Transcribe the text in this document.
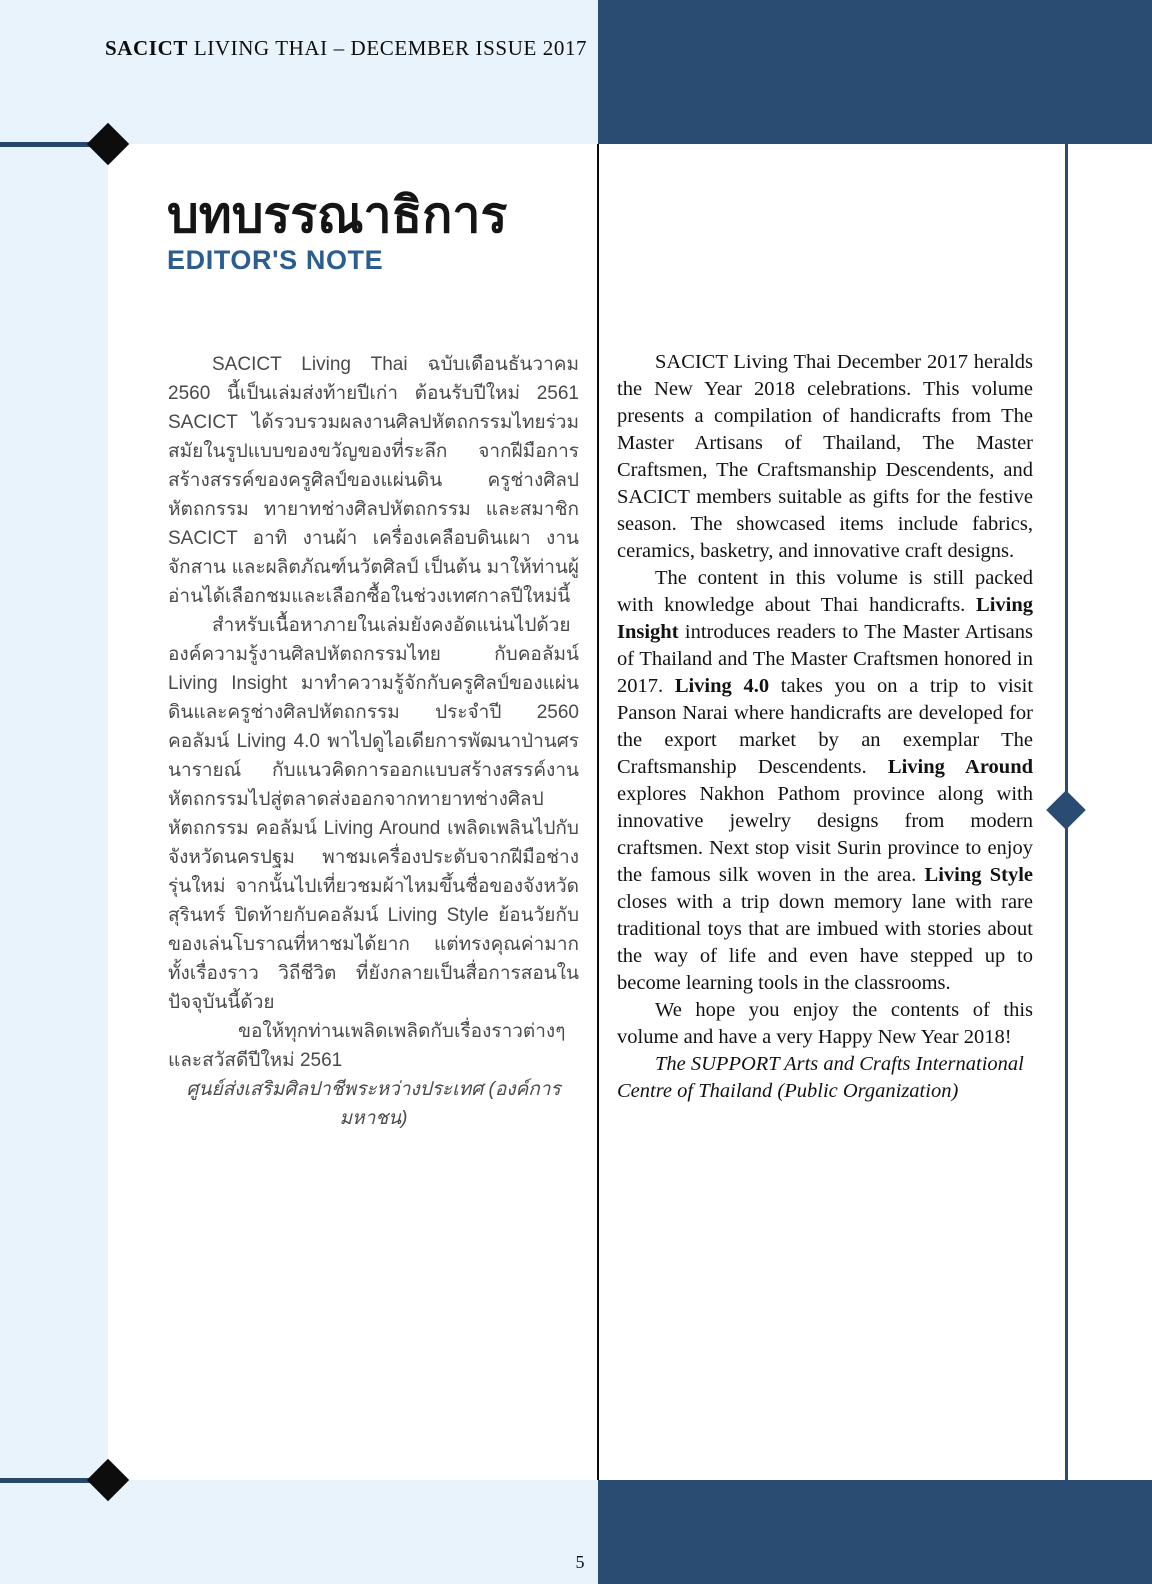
SACICT LIVING THAI – DECEMBER ISSUE 2017
บทบรรณาธิการ
EDITOR'S NOTE

SACICT Living Thai ฉบับเดือนธันวาคม 2560 นี้เป็นเล่มส่งท้ายปีเก่า ต้อนรับปีใหม่ 2561 SACICT ได้รวบรวมผลงานศิลปหัตถกรรมไทยร่วมสมัยในรูปแบบของขวัญของที่ระลึก จากฝีมือการสร้างสรรค์ของครูศิลป์ของแผ่นดิน ครูช่างศิลปหัตถกรรม ทายาทช่างศิลปหัตถกรรม และสมาชิก SACICT อาทิ งานผ้า เครื่องเคลือบดินเผา งานจักสาน และผลิตภัณฑ์นวัตศิลป์ เป็นต้น มาให้ท่านผู้อ่านได้เลือกชมและเลือกซื้อในช่วงเทศกาลปีใหม่นี้

สำหรับเนื้อหาภายในเล่มยังคงอัดแน่นไปด้วยองค์ความรู้งานศิลปหัตถกรรมไทย กับคอลัมน์ Living Insight มาทำความรู้จักกับครูศิลป์ของแผ่นดินและครูช่างศิลปหัตถกรรม ประจำปี 2560 คอลัมน์ Living 4.0 พาไปดูไอเดียการพัฒนาป่านศรนารายณ์ กับแนวคิดการออกแบบสร้างสรรค์งานหัตถกรรมไปสู่ตลาดส่งออกจากทายาทช่างศิลปหัตถกรรม คอลัมน์ Living Around เพลิดเพลินไปกับจังหวัดนครปฐม พาชมเครื่องประดับจากฝีมือช่างรุ่นใหม่ จากนั้นไปเที่ยวชมผ้าไหมขึ้นชื่อของจังหวัดสุรินทร์ ปิดท้ายกับคอลัมน์ Living Style ย้อนวัยกับของเล่นโบราณที่หาชมได้ยาก แต่ทรงคุณค่ามากทั้งเรื่องราว วิถีชีวิต ที่ยังกลายเป็นสื่อการสอนในปัจจุบันนี้ด้วย

ขอให้ทุกท่านเพลิดเพลิดกับเรื่องราวต่างๆ และสวัสดีปีใหม่ 2561

ศูนย์ส่งเสริมศิลปาชีพระหว่างประเทศ (องค์การมหาชน)

SACICT Living Thai December 2017 heralds the New Year 2018 celebrations. This volume presents a compilation of handicrafts from The Master Artisans of Thailand, The Master Craftsmen, The Craftsmanship Descendents, and SACICT members suitable as gifts for the festive season. The showcased items include fabrics, ceramics, basketry, and innovative craft designs.

The content in this volume is still packed with knowledge about Thai handicrafts. Living Insight introduces readers to The Master Artisans of Thailand and The Master Craftsmen honored in 2017. Living 4.0 takes you on a trip to visit Panson Narai where handicrafts are developed for the export market by an exemplar The Craftsmanship Descendents. Living Around explores Nakhon Pathom province along with innovative jewelry designs from modern craftsmen. Next stop visit Surin province to enjoy the famous silk woven in the area. Living Style closes with a trip down memory lane with rare traditional toys that are imbued with stories about the way of life and even have stepped up to become learning tools in the classrooms.

We hope you enjoy the contents of this volume and have a very Happy New Year 2018!

The SUPPORT Arts and Crafts International Centre of Thailand (Public Organization)

5
